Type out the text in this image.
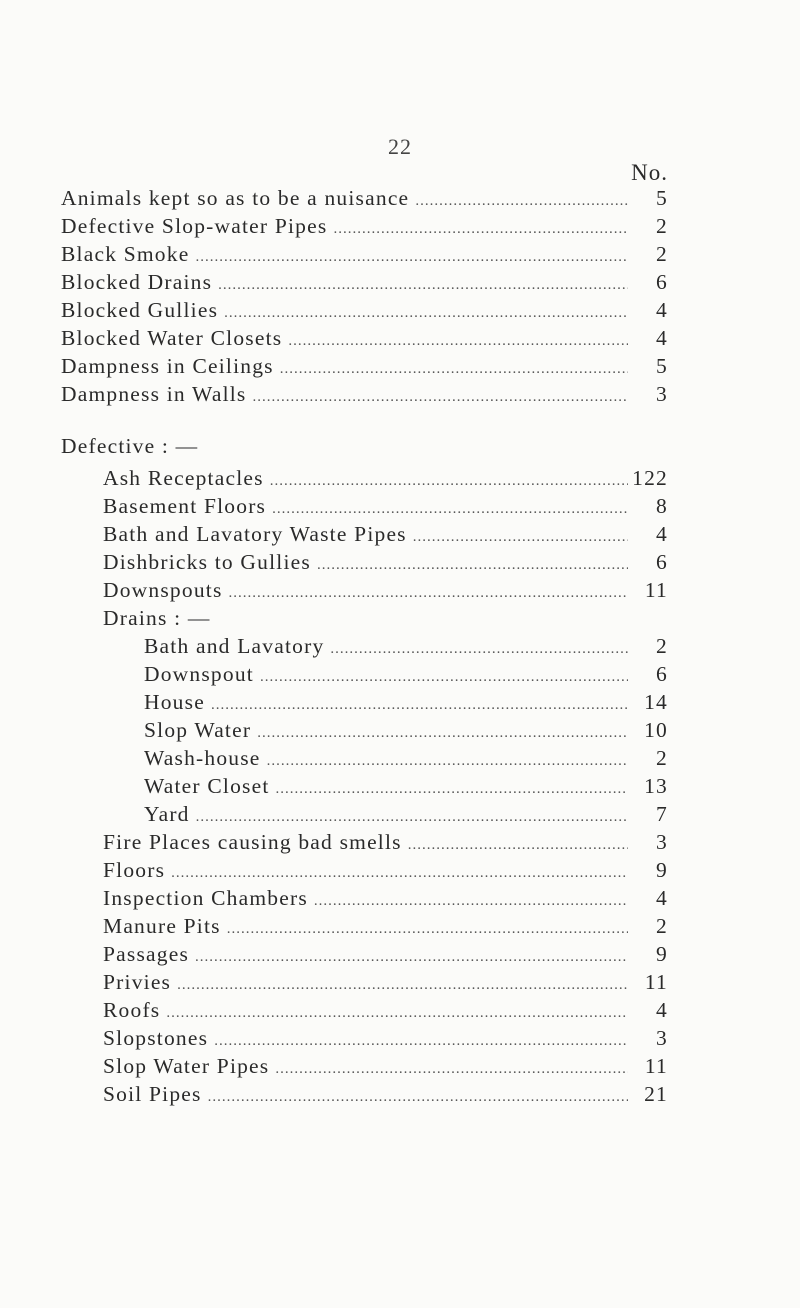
22
No.
Animals kept so as to be a nuisance .....	5
Defective Slop-water Pipes .....	2
Black Smoke .....	2
Blocked Drains .....	6
Blocked Gullies .....	4
Blocked Water Closets .....	4
Dampness in Ceilings .....	5
Dampness in Walls .....	3
Defective : —
Ash Receptacles .....	122
Basement Floors .....	8
Bath and Lavatory Waste Pipes .....	4
Dishbricks to Gullies .....	6
Downspouts .....	11
Drains : —
Bath and Lavatory .....	2
Downspout .....	6
House .....	14
Slop Water .....	10
Wash-house .....	2
Water Closet .....	13
Yard .....	7
Fire Places causing bad smells .....	3
Floors .....	9
Inspection Chambers .....	4
Manure Pits .....	2
Passages .....	9
Privies .....	11
Roofs .....	4
Slopstones .....	3
Slop Water Pipes .....	11
Soil Pipes .....	21
